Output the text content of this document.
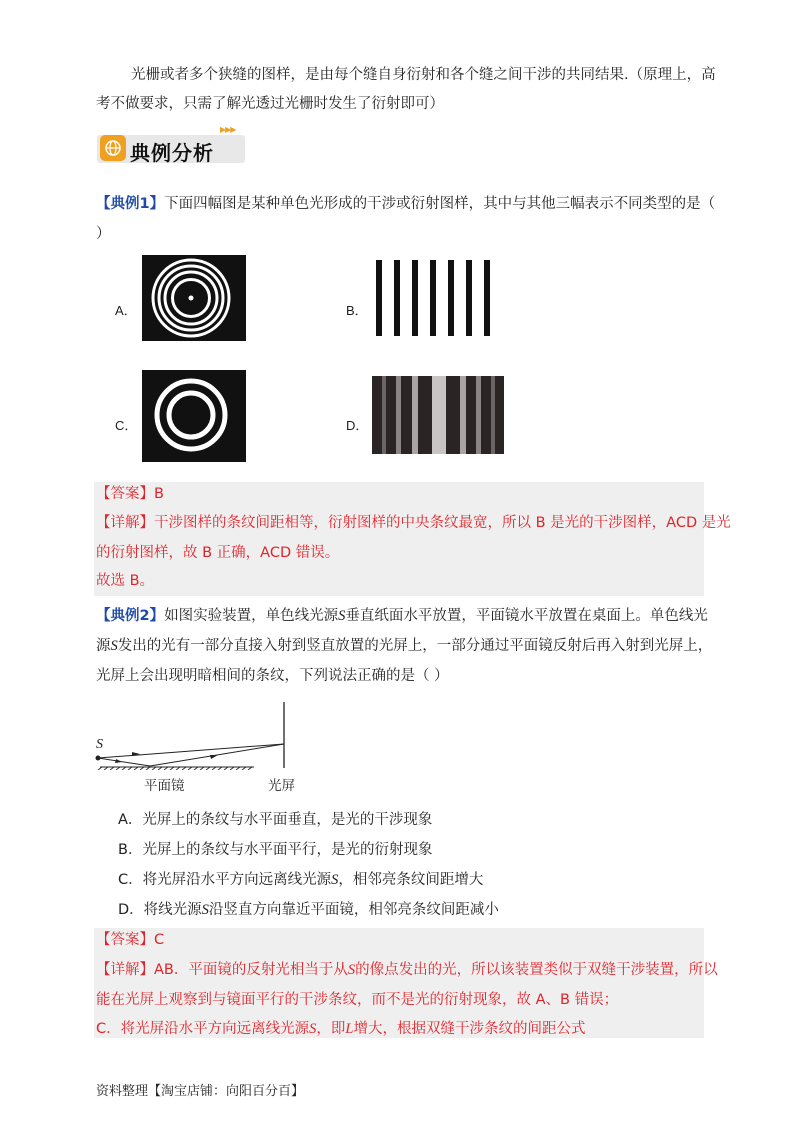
光栅或者多个狭缝的图样，是由每个缝自身衍射和各个缝之间干涉的共同结果.（原理上，高
考不做要求，只需了解光透过光栅时发生了衍射即可）
典例分析
▶▶▶
【典例1】下面四幅图是某种单色光形成的干涉或衍射图样，其中与其他三幅表示不同类型的是（
）
A．	B．
C．	D．
【答案】B
【详解】干涉图样的条纹间距相等，衍射图样的中央条纹最宽，所以 B 是光的干涉图样，ACD 是光
的衍射图样，故 B 正确，ACD 错误。
故选 B。
【典例2】如图实验装置，单色线光源S垂直纸面水平放置，平面镜水平放置在桌面上。单色线光
源S发出的光有一部分直接入射到竖直放置的光屏上，一部分通过平面镜反射后再入射到光屏上，
光屏上会出现明暗相间的条纹，下列说法正确的是（ ）
S
平面镜	光屏
A．光屏上的条纹与水平面垂直，是光的干涉现象
B．光屏上的条纹与水平面平行，是光的衍射现象
C．将光屏沿水平方向远离线光源S，相邻亮条纹间距增大
D．将线光源S沿竖直方向靠近平面镜，相邻亮条纹间距减小
【答案】C
【详解】AB．平面镜的反射光相当于从S的像点发出的光，所以该装置类似于双缝干涉装置，所以
能在光屏上观察到与镜面平行的干涉条纹，而不是光的衍射现象，故 A、B 错误；
C．将光屏沿水平方向远离线光源S，即L增大，根据双缝干涉条纹的间距公式
资料整理【淘宝店铺：向阳百分百】
